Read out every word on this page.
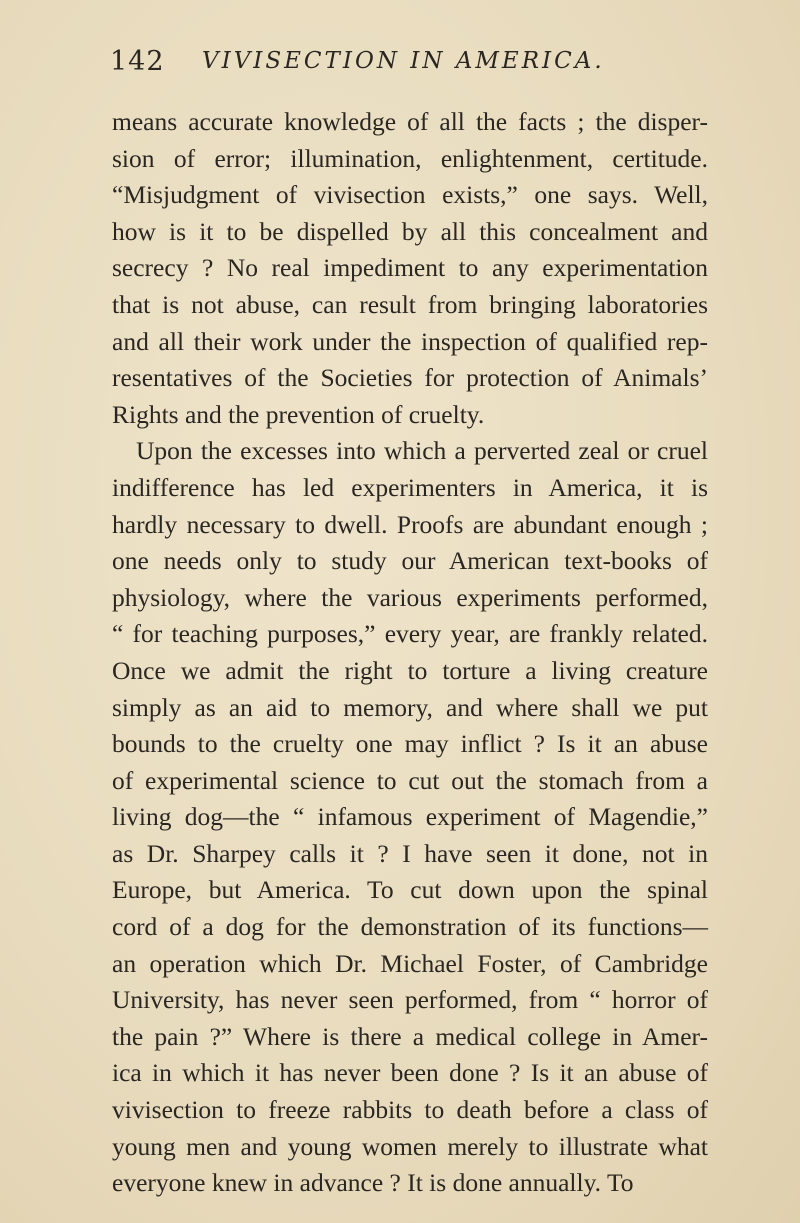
142 VIVISECTION IN AMERICA.
means accurate knowledge of all the facts ; the disper-
sion of error; illumination, enlightenment, certitude.
“Misjudgment of vivisection exists,” one says. Well,
how is it to be dispelled by all this concealment and
secrecy ? No real impediment to any experimentation
that is not abuse, can result from bringing laboratories
and all their work under the inspection of qualified rep-
resentatives of the Societies for protection of Animals’
Rights and the prevention of cruelty.
Upon the excesses into which a perverted zeal or cruel
indifference has led experimenters in America, it is
hardly necessary to dwell. Proofs are abundant enough ;
one needs only to study our American text-books of
physiology, where the various experiments performed,
“ for teaching purposes,” every year, are frankly related.
Once we admit the right to torture a living creature
simply as an aid to memory, and where shall we put
bounds to the cruelty one may inflict ? Is it an abuse
of experimental science to cut out the stomach from a
living dog—the “ infamous experiment of Magendie,”
as Dr. Sharpey calls it ? I have seen it done, not in
Europe, but America. To cut down upon the spinal
cord of a dog for the demonstration of its functions—
an operation which Dr. Michael Foster, of Cambridge
University, has never seen performed, from “ horror of
the pain ?” Where is there a medical college in Amer-
ica in which it has never been done ? Is it an abuse of
vivisection to freeze rabbits to death before a class of
young men and young women merely to illustrate what
everyone knew in advance ? It is done annually. To
